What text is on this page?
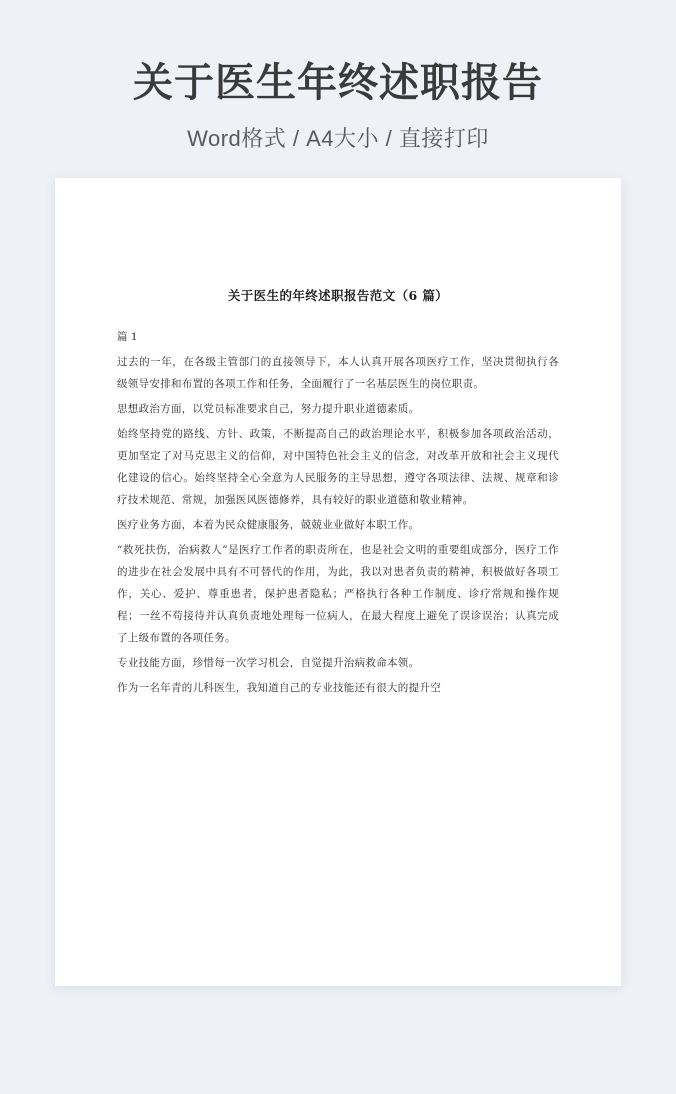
关于医生年终述职报告
Word格式 / A4大小 / 直接打印
关于医生的年终述职报告范文（6 篇）
篇 1

过去的一年，在各级主管部门的直接领导下，本人认真开展各项医疗工作，坚决贯彻执行各级领导安排和布置的各项工作和任务，全面履行了一名基层医生的岗位职责。

思想政治方面，以党员标准要求自己，努力提升职业道德素质。

始终坚持党的路线、方针、政策，不断提高自己的政治理论水平，积极参加各项政治活动，更加坚定了对马克思主义的信仰，对中国特色社会主义的信念，对改革开放和社会主义现代化建设的信心。始终坚持全心全意为人民服务的主导思想，遵守各项法律、法规、规章和诊疗技术规范、常规，加强医风医德修养，具有较好的职业道德和敬业精神。

医疗业务方面，本着为民众健康服务，兢兢业业做好本职工作。

“救死扶伤，治病救人”是医疗工作者的职责所在，也是社会文明的重要组成部分，医疗工作的进步在社会发展中具有不可替代的作用，为此，我以对患者负责的精神，积极做好各项工作，关心、爱护、尊重患者，保护患者隐私；严格执行各种工作制度、诊疗常规和操作规程；一丝不苟接待并认真负责地处理每一位病人，在最大程度上避免了误诊误治；认真完成了上级布置的各项任务。

专业技能方面，珍惜每一次学习机会，自觉提升治病救命本领。

作为一名年青的儿科医生，我知道自己的专业技能还有很大的提升空
